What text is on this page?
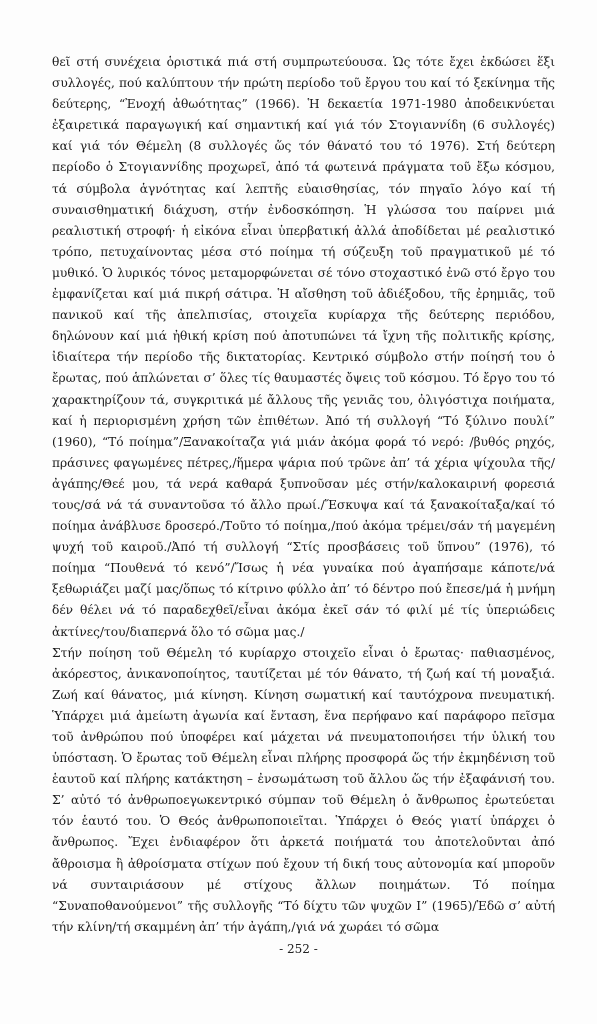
θεῖ στή συνέχεια ὁριστικά πιά στή συμπρωτεύουσα. Ὡς τότε ἔχει ἐκδώσει ἕξι συλλογές, πού καλύπτουν τήν πρώτη περίοδο τοῦ ἔργου του καί τό ξεκίνημα τῆς δεύτερης, “Ἐνοχή ἀθωότητας” (1966). Ἡ δεκαετία 1971-1980 ἀποδεικνύεται ἐξαιρετικά παραγωγική καί σημαντική καί γιά τόν Στογιαννίδη (6 συλλογές) καί γιά τόν Θέμελη (8 συλλογές ὥς τόν θάνατό του τό 1976). Στή δεύτερη περίοδο ὁ Στογιαννίδης προχωρεῖ, ἀπό τά φωτεινά πράγματα τοῦ ἔξω κόσμου, τά σύμβολα ἁγνότητας καί λεπτῆς εὐαισθησίας, τόν πηγαῖο λόγο καί τή συναισθηματική διάχυση, στήν ἐνδοσκόπηση. Ἡ γλώσσα του παίρνει μιά ρεαλιστική στροφή· ἡ εἰκόνα εἶναι ὑπερβατική ἀλλά ἀποδίδεται μέ ρεαλιστικό τρόπο, πετυχαίνοντας μέσα στό ποίημα τή σύζευξη τοῦ πραγματικοῦ μέ τό μυθικό. Ὁ λυρικός τόνος μεταμορφώνεται σέ τόνο στοχαστικό ἐνῶ στό ἔργο του ἐμφανίζεται καί μιά πικρή σάτιρα. Ἡ αἴσθηση τοῦ ἀδιέξοδου, τῆς ἐρημιᾶς, τοῦ πανικοῦ καί τῆς ἀπελπισίας, στοιχεῖα κυρίαρχα τῆς δεύτερης περιόδου, δηλώνουν καί μιά ἠθική κρίση πού ἀποτυπώνει τά ἴχνη τῆς πολιτικῆς κρίσης, ἰδιαίτερα τήν περίοδο τῆς δικτατορίας. Κεντρικό σύμβολο στήν ποίησή του ὁ ἔρωτας, πού ἁπλώνεται σ’ ὅλες τίς θαυμαστές ὄψεις τοῦ κόσμου. Τό ἔργο του τό χαρακτηρίζουν τά, συγκριτικά μέ ἄλλους τῆς γενιᾶς του, ὀλιγόστιχα ποιήματα, καί ἡ περιορισμένη χρήση τῶν ἐπιθέτων. Ἀπό τή συλλογή “Τό ξύλινο πουλί” (1960), “Τό ποίημα”/Ξανακοίταζα γιά μιάν ἀκόμα φορά τό νερό: /βυθός ρηχός, πράσινες φαγωμένες πέτρες,/ἥμερα ψάρια πού τρῶνε ἀπ’ τά χέρια ψίχουλα τῆς/ἀγάπης/Θεέ μου, τά νερά καθαρά ξυπνοῦσαν μές στήν/καλοκαιρινή φορεσιά τους/σά νά τά συναντοῦσα τό ἄλλο πρωί./Ἔσκυψα καί τά ξανακοίταξα/καί τό ποίημα ἀνάβλυσε δροσερό./Τοῦτο τό ποίημα,/πού ἀκόμα τρέμει/σάν τή μαγεμένη ψυχή τοῦ καιροῦ./Ἀπό τή συλλογή “Στίς προσβάσεις τοῦ ὕπνου” (1976), τό ποίημα “Πουθενά τό κενό”/Ἴσως ἡ νέα γυναίκα πού ἀγαπήσαμε κάποτε/νά ξεθωριάζει μαζί μας/ὅπως τό κίτρινο φύλλο ἀπ’ τό δέντρο πού ἔπεσε/μά ἡ μνήμη δέν θέλει νά τό παραδεχθεῖ/εἶναι ἀκόμα ἐκεῖ σάν τό φιλί μέ τίς ὑπεριώδεις ἀκτίνες/του/διαπερνά ὅλο τό σῶμα μας./

Στήν ποίηση τοῦ Θέμελη τό κυρίαρχο στοιχεῖο εἶναι ὁ ἔρωτας· παθιασμένος, ἀκόρεστος, ἀνικανοποίητος, ταυτίζεται μέ τόν θάνατο, τή ζωή καί τή μοναξιά. Ζωή καί θάνατος, μιά κίνηση. Κίνηση σωματική καί ταυτόχρονα πνευματική. Ὑπάρχει μιά ἀμείωτη ἀγωνία καί ἔνταση, ἕνα περήφανο καί παράφορο πεῖσμα τοῦ ἀνθρώπου πού ὑποφέρει καί μάχεται νά πνευματοποιήσει τήν ὑλική του ὑπόσταση. Ὁ ἔρωτας τοῦ Θέμελη εἶναι πλήρης προσφορά ὥς τήν ἐκμηδένιση τοῦ ἑαυτοῦ καί πλήρης κατάκτηση – ἐνσωμάτωση τοῦ ἄλλου ὥς τήν ἐξαφάνισή του. Σ’ αὐτό τό ἀνθρωποεγωκεντρικό σύμπαν τοῦ Θέμελη ὁ ἄνθρωπος ἐρωτεύεται τόν ἑαυτό του. Ὁ Θεός ἀνθρωποποιεῖται. Ὑπάρχει ὁ Θεός γιατί ὑπάρχει ὁ ἄνθρωπος. Ἔχει ἐνδιαφέρον ὅτι ἀρκετά ποιήματά του ἀποτελοῦνται ἀπό ἄθροισμα ἢ ἀθροίσματα στίχων πού ἔχουν τή δική τους αὐτονομία καί μποροῦν νά συνταιριάσουν μέ στίχους ἄλλων ποιημάτων. Τό ποίημα “Συναποθανούμενοι” τῆς συλλογῆς “Τό δίχτυ τῶν ψυχῶν Ι” (1965)/Ἐδῶ σ’ αὐτή τήν κλίνη/τή σκαμμένη ἀπ’ τήν ἀγάπη,/γιά νά χωράει τό σῶμα

- 252 -
